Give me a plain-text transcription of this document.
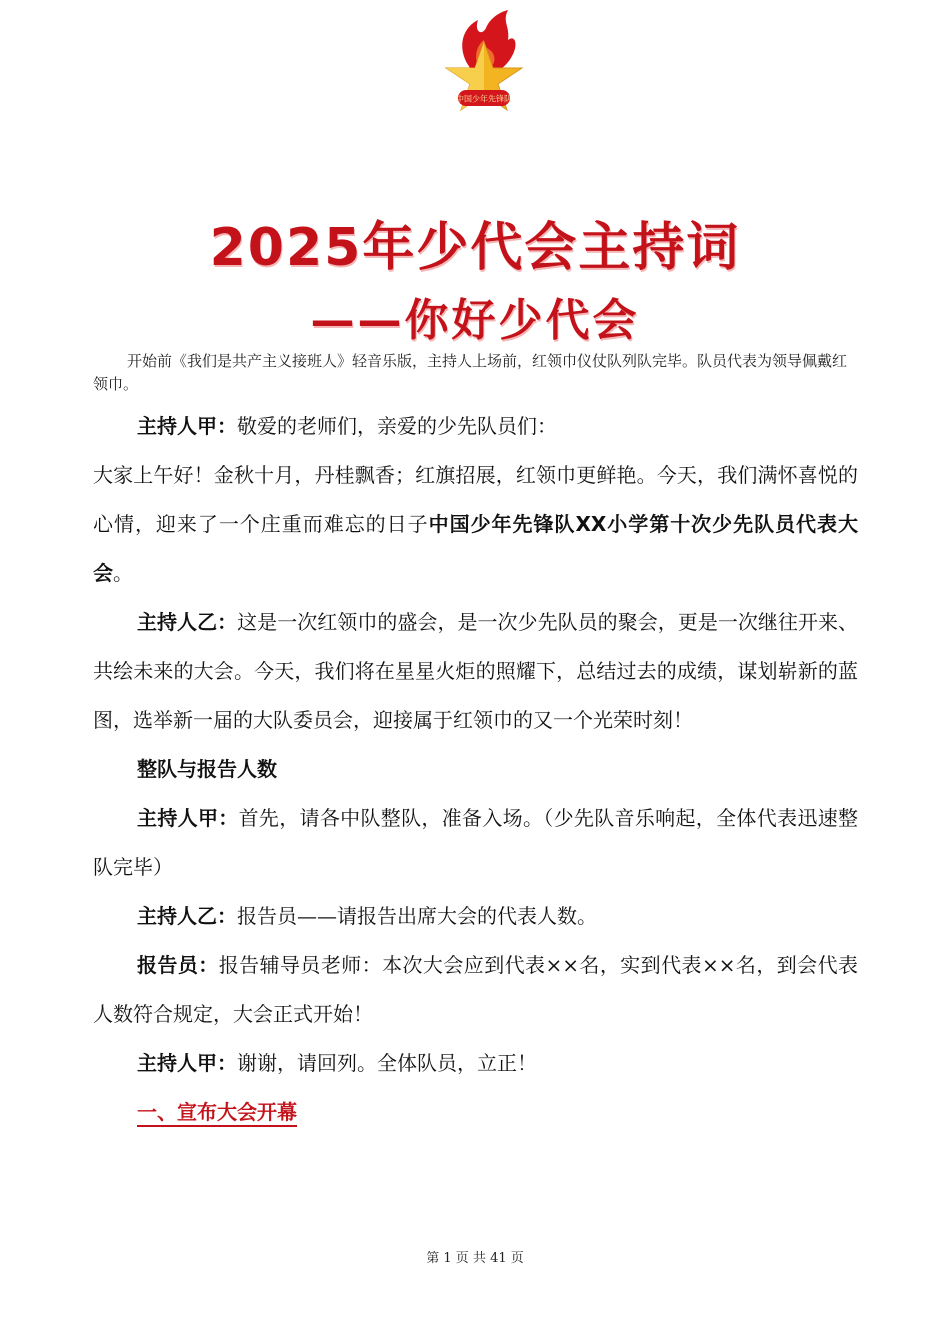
中国少年先锋队
2025年少代会主持词
——你好少代会
开始前《我们是共产主义接班人》轻音乐版，主持人上场前，红领巾仪仗队列队完毕。队员代表为领导佩戴红领巾。

主持人甲：敬爱的老师们，亲爱的少先队员们：

大家上午好！金秋十月，丹桂飘香；红旗招展，红领巾更鲜艳。今天，我们满怀喜悦的心情，迎来了一个庄重而难忘的日子中国少年先锋队XX小学第十次少先队员代表大会。

主持人乙：这是一次红领巾的盛会，是一次少先队员的聚会，更是一次继往开来、共绘未来的大会。今天，我们将在星星火炬的照耀下，总结过去的成绩，谋划崭新的蓝图，选举新一届的大队委员会，迎接属于红领巾的又一个光荣时刻！

整队与报告人数

主持人甲：首先，请各中队整队，准备入场。（少先队音乐响起，全体代表迅速整队完毕）

主持人乙：报告员——请报告出席大会的代表人数。

报告员：报告辅导员老师：本次大会应到代表××名，实到代表××名，到会代表人数符合规定，大会正式开始！

主持人甲：谢谢，请回列。全体队员，立正！

一、宣布大会开幕

第 1 页 共 41 页
